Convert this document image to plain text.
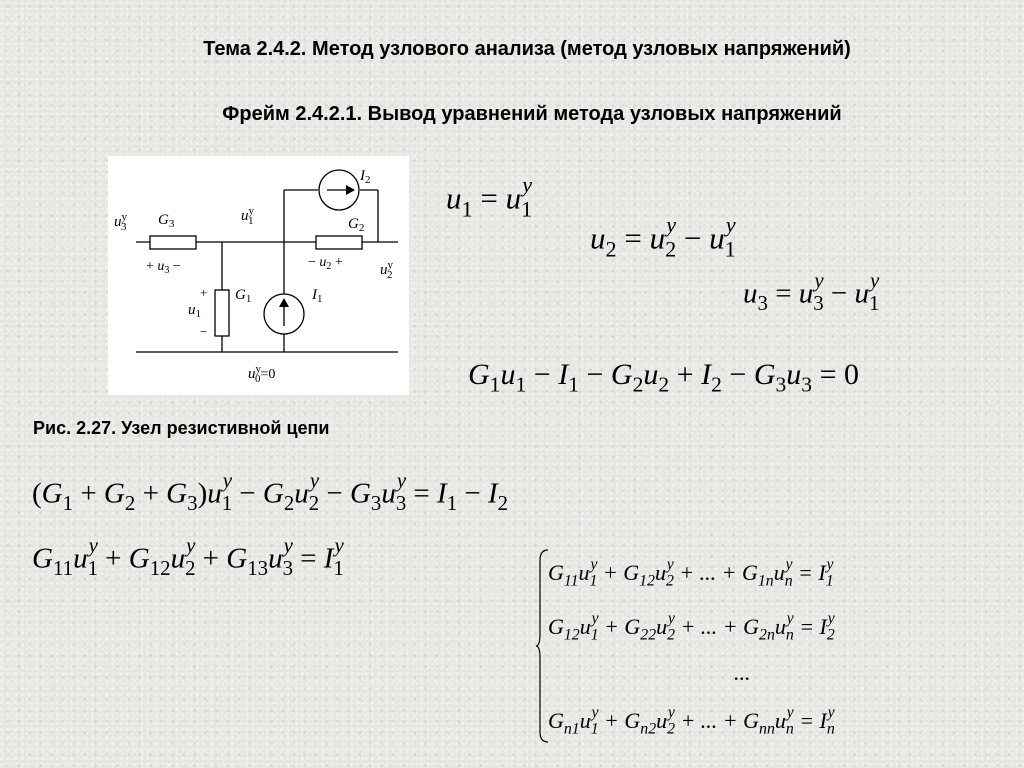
Тема 2.4.2. Метод узлового анализа (метод узловых напряжений)
Фрейм 2.4.2.1. Вывод уравнений метода узловых напряжений
$I_2$
$G_2$
$G_3$
$G_1$	$I_1$
$u^y$ 3
$u^y$ 1
$u^y$ 2
$u^y$ 0=0
+ $u_3$ −	− $u_2$ +
+
$u_1$
−
Рис. 2.27. Узел резистивной цепи
$u_1 = u_1^y$
$u_2 = u_2^y - u_1^y$
$u_3 = u_3^y - u_1^y$
$G_1u_1 - I_1 - G_2u_2 + I_2 - G_3u_3 = 0$
$(G_1 + G_2 + G_3)u_1^y - G_2u_2^y - G_3u_3^y = I_1 - I_2$
$G_{11}u_1^y + G_{12}u_2^y + G_{13}u_3^y = I_1^y$
$G_{11}u_1^y + G_{12}u_2^y$ + ... + $G_{1n}u_n^y = I_1^y$
$G_{12}u_1^y + G_{22}u_2^y$ + ... + $G_{2n}u_n^y = I_2^y$
...
$G_{n1}u_1^y + G_{n2}u_2^y$ + ... + $G_{nn}u_n^y = I_n^y$
